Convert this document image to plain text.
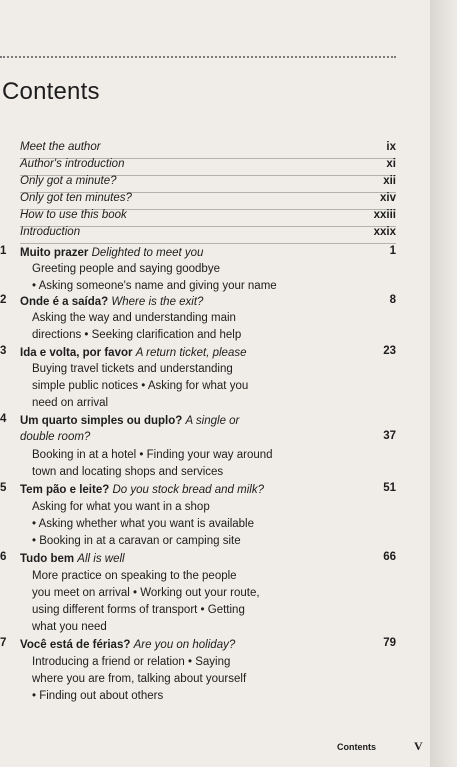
Contents
Meet the author	ix
Author's introduction	xi
Only got a minute?	xii
Only got ten minutes?	xiv
How to use this book	xxiii
Introduction	xxix
1 Muito prazer Delighted to meet you	1
Greeting people and saying goodbye
• Asking someone's name and giving your name
2 Onde é a saída? Where is the exit?	8
Asking the way and understanding main
directions • Seeking clarification and help
3 Ida e volta, por favor A return ticket, please	23
Buying travel tickets and understanding
simple public notices • Asking for what you
need on arrival
4 Um quarto simples ou duplo? A single or double room?	37
Booking in at a hotel • Finding your way around
town and locating shops and services
5 Tem pão e leite? Do you stock bread and milk?	51
Asking for what you want in a shop
• Asking whether what you want is available
• Booking in at a caravan or camping site
6 Tudo bem All is well	66
More practice on speaking to the people
you meet on arrival • Working out your route,
using different forms of transport • Getting
what you need
7 Você está de férias? Are you on holiday?	79
Introducing a friend or relation • Saying
where you are from, talking about yourself
• Finding out about others
Contents	V
